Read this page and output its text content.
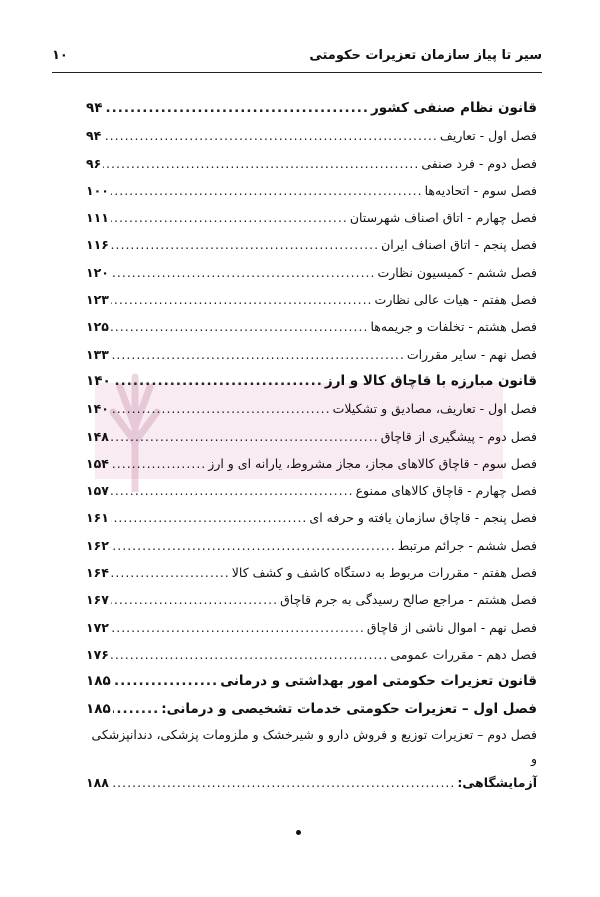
سیر تا پیاز سازمان تعزیرات حکومتی
۱۰
قانون نظام صنفی کشور
.....
۹۴
فصل اول - تعاریف
.....
۹۴
فصل دوم - فرد صنفی
.....
۹۶
فصل سوم - اتحادیه‌ها
.....
۱۰۰
فصل چهارم - اتاق اصناف شهرستان
.....
۱۱۱
فصل پنجم - اتاق اصناف ایران
.....
۱۱۶
فصل ششم - کمیسیون نظارت
.....
۱۲۰
فصل هفتم - هیات عالی نظارت
.....
۱۲۳
فصل هشتم - تخلفات و جریمه‌ها
.....
۱۲۵
فصل نهم - سایر مقررات
.....
۱۳۳
قانون مبارزه با قاچاق کالا و ارز
.....
۱۴۰
فصل اول - تعاریف، مصادیق و تشکیلات
.....
۱۴۰
فصل دوم - پیشگیری از قاچاق
.....
۱۴۸
فصل سوم - قاچاق کالاهای مجاز، مجاز مشروط، یارانه ای و ارز
.....
۱۵۴
فصل چهارم - قاچاق کالاهای ممنوع
.....
۱۵۷
فصل پنجم - قاچاق سازمان یافته و حرفه ای
.....
۱۶۱
فصل ششم - جرائم مرتبط
.....
۱۶۲
فصل هفتم - مقررات مربوط به دستگاه کاشف و کشف کالا
.....
۱۶۴
فصل هشتم - مراجع صالح رسیدگی به جرم قاچاق
.....
۱۶۷
فصل نهم - اموال ناشی از قاچاق
.....
۱۷۲
فصل دهم - مقررات عمومی
.....
۱۷۶
قانون تعزیرات حکومتی امور بهداشتی و درمانی
.....
۱۸۵
فصل اول – تعزیرات حکومتی خدمات تشخیصی و درمانی:
.....
۱۸۵
فصل دوم – تعزیرات توزیع و فروش دارو و شیرخشک و ملزومات پزشکی، دندانپزشکی و
آزمایشگاهی:
.....
۱۸۸
